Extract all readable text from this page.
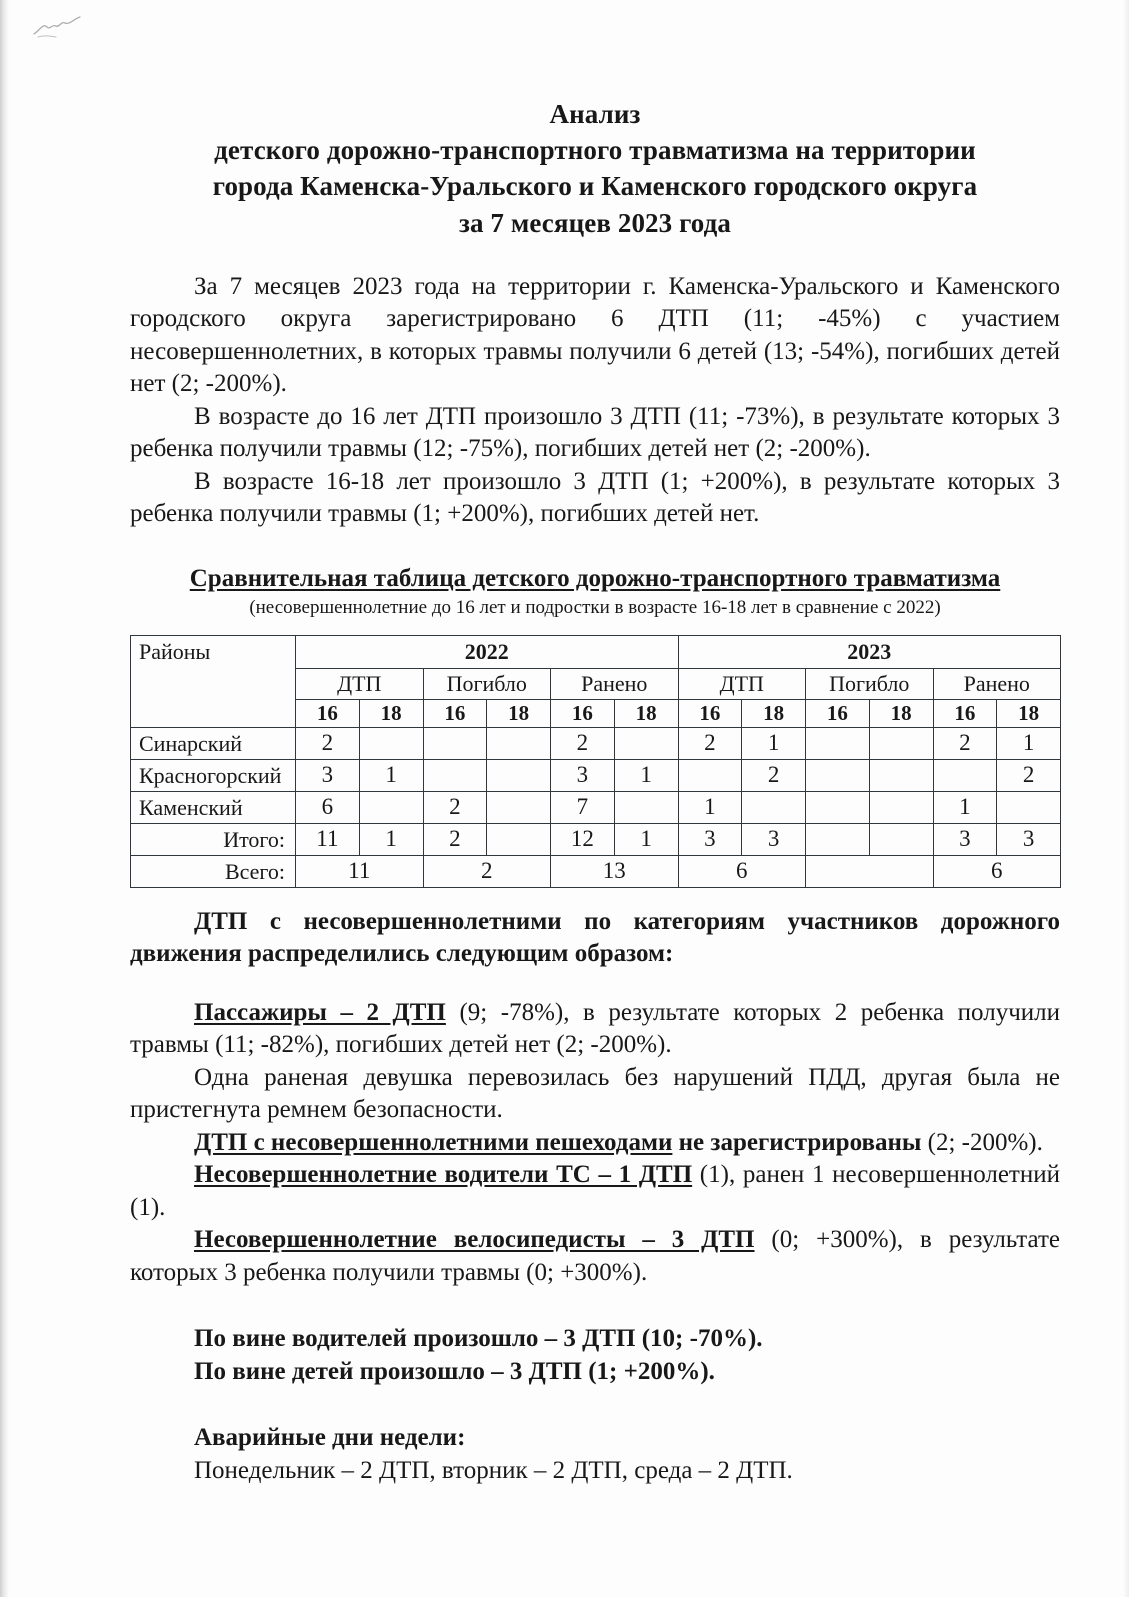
Анализ
детского дорожно-транспортного травматизма на территории
города Каменска-Уральского и Каменского городского округа
за 7 месяцев 2023 года

За 7 месяцев 2023 года на территории г. Каменска-Уральского и Каменского городского округа зарегистрировано 6 ДТП (11; -45%) с участием несовершеннолетних, в которых травмы получили 6 детей (13; -54%), погибших детей нет (2; -200%).

В возрасте до 16 лет ДТП произошло 3 ДТП (11; -73%), в результате которых 3 ребенка получили травмы (12; -75%), погибших детей нет (2; -200%).

В возрасте 16-18 лет произошло 3 ДТП (1; +200%), в результате которых 3 ребенка получили травмы (1; +200%), погибших детей нет.

Сравнительная таблица детского дорожно-транспортного травматизма
(несовершеннолетние до 16 лет и подростки в возрасте 16-18 лет в сравнение с 2022)
Районы	2022						2023					
	ДТП		Погибло		Ранено		ДТП		Погибло		Ранено	
	16	18	16	18	16	18	16	18	16	18	16	18
Синарский	2				2		2	1			2	1
Красногорский	3	1			3	1		2				2
Каменский	6		2		7		1				1	
Итого:	11	1	2		12	1	3	3			3	3
Всего:	11		2		13		6				6	

ДТП с несовершеннолетними по категориям участников дорожного движения распределились следующим образом:

Пассажиры – 2 ДТП (9; -78%), в результате которых 2 ребенка получили травмы (11; -82%), погибших детей нет (2; -200%).

Одна раненая девушка перевозилась без нарушений ПДД, другая была не пристегнута ремнем безопасности.

ДТП с несовершеннолетними пешеходами не зарегистрированы (2; -200%).

Несовершеннолетние водители ТС – 1 ДТП (1), ранен 1 несовершеннолетний (1).

Несовершеннолетние велосипедисты – 3 ДТП (0; +300%), в результате которых 3 ребенка получили травмы (0; +300%).

По вине водителей произошло – 3 ДТП (10; -70%).

По вине детей произошло – 3 ДТП (1; +200%).

Аварийные дни недели:

Понедельник – 2 ДТП, вторник – 2 ДТП, среда – 2 ДТП.
